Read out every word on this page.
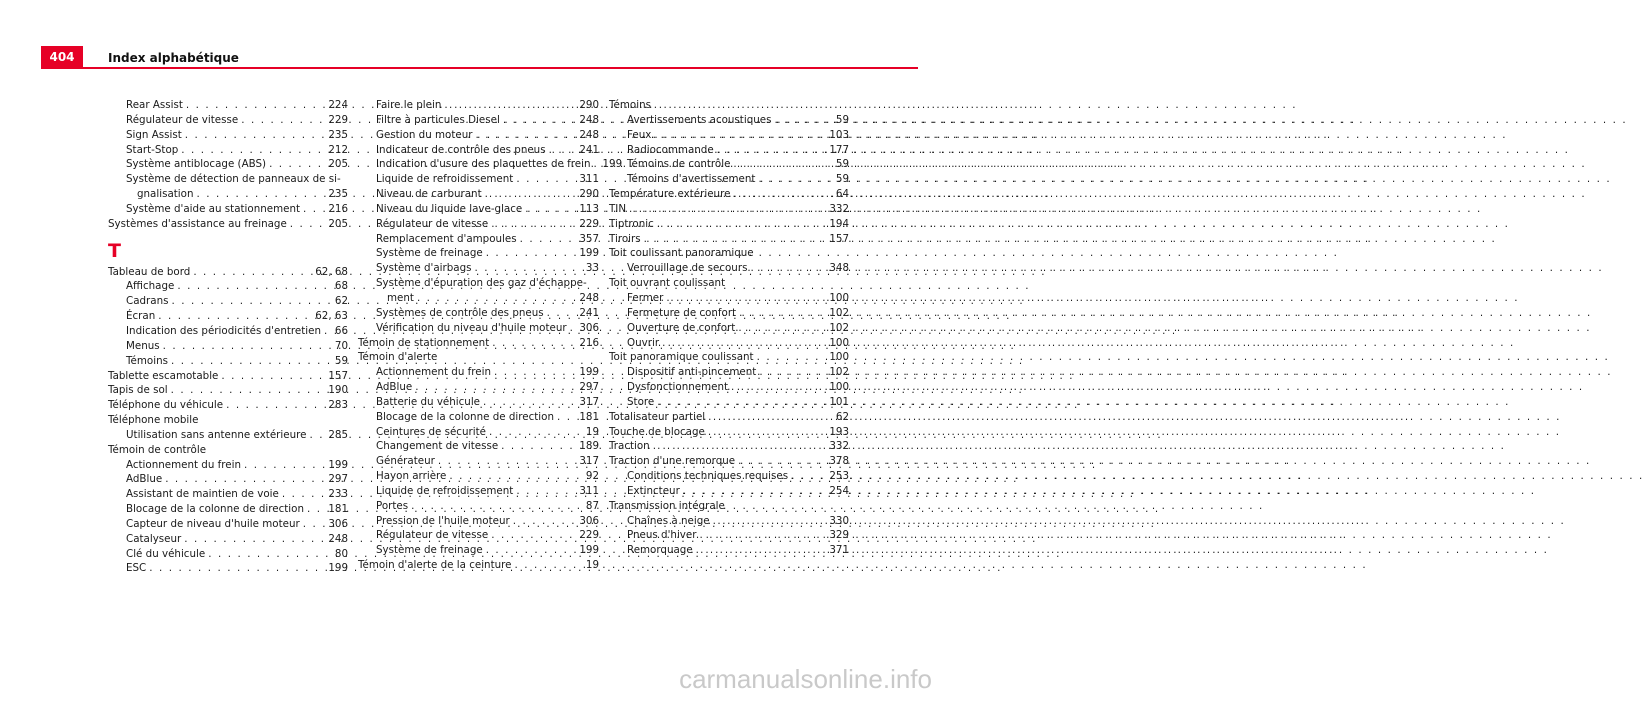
404	Index alphabétique
Rear Assist . . .	224
Régulateur de vitesse . . .	229
Sign Assist . . .	235
Start-Stop . . .	212
Système antiblocage (ABS) . . .	205
Système de détection de panneaux de si-
gnalisation . . .	235
Système d'aide au stationnement . . .	216
Systèmes d'assistance au freinage . . .	205
T
Tableau de bord . . .	62, 68
Affichage . . .	68
Cadrans . . .	62
Écran . . .	62, 63
Indication des périodicités d'entretien . . . 66
Menus . . .	70
Témoins . . .	59
Tablette escamotable . . .	157
Tapis de sol . . .	190
Téléphone du véhicule . . .	283
Téléphone mobile
Utilisation sans antenne extérieure . . . 285
Témoin de contrôle
Actionnement du frein . . .	199
AdBlue . . .	297
Assistant de maintien de voie . . .	233
Blocage de la colonne de direction . . . 181
Capteur de niveau d'huile moteur . . .	306
Catalyseur . . .	248
Clé du véhicule . . .	80
ESC . . .	199
Faire le plein . . .	290
Filtre à particules Diesel . . .	248
Gestion du moteur . . .	248
Indicateur de contrôle des pneus . . .	241
Indication d'usure des plaquettes de frein . . . 199
Liquide de refroidissement . . .	311
Niveau de carburant . . .	290
Niveau du liquide lave-glace . . .	113
Régulateur de vitesse . . .	229
Remplacement d'ampoules . . .	357
Système de freinage . . .	199
Système d'airbags . . .	33
Système d'épuration des gaz d'échappe-
ment . . .	248
Systèmes de contrôle des pneus . . .	241
Vérification du niveau d'huile moteur . . . 306
Témoin de stationnement . . .	216
Témoin d'alerte
Actionnement du frein . . .	199
AdBlue . . .	297
Batterie du véhicule . . .	317
Blocage de la colonne de direction . . . 181
Ceintures de sécurité . . .	19
Changement de vitesse . . .	189
Générateur . . .	317
Hayon arrière . . .	92
Liquide de refroidissement . . .	311
Portes . . .	87
Pression de l'huile moteur . . .	306
Régulateur de vitesse . . .	229
Système de freinage . . .	199
Témoin d'alerte de la ceinture . . .	19
Témoins
Avertissements acoustiques . . .	59
Feux . . .	103
Radiocommande . . .	177
Témoins de contrôle . . .	59
Témoins d'avertissement . . .	59
Température extérieure . . .	64
TIN . . .	332
Tiptronic . . .	194
Tiroirs . . .	157
Toit coulissant panoramique
Verrouillage de secours . . .	348
Toit ouvrant coulissant
Fermer . . .	100
Fermeture de confort . . .	102
Ouverture de confort . . .	102
Ouvrir . . .	100
Toit panoramique coulissant . . .	100
Dispositif anti-pincement . . .	102
Dysfonctionnement . . .	100
Store . . .	101
Totalisateur partiel . . .	62
Touche de blocage . . .	193
Traction . . .	332
Traction d'une remorque . . .	378
Conditions techniques requises . . .	253
Extincteur . . .	254
Transmission intégrale
Chaînes à neige . . .	330
Pneus d'hiver . . .	329
Remorquage . . .	371
carmanualsonline.info
